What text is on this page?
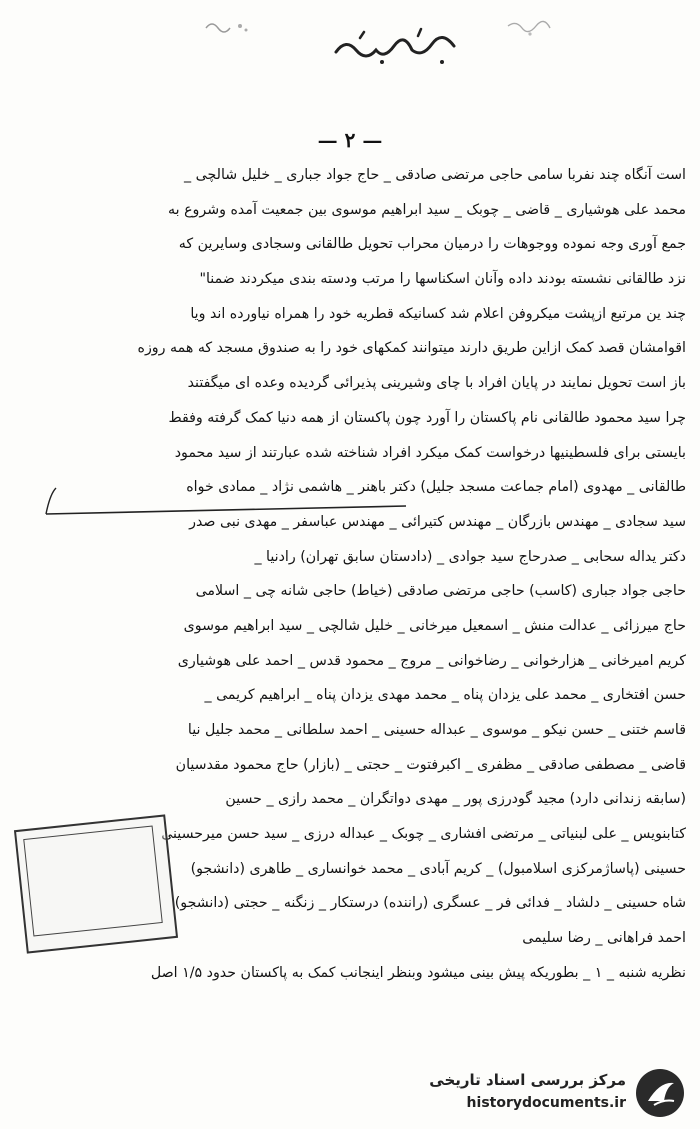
— ۲ —
است آنگاه چند نفربا سامی حاجی مرتضی صادقی _ حاج جواد جباری _ خلیل شالچی _
محمد علی هوشیاری _ قاضی _ چوبک _ سید ابراهیم موسوی بین جمعیت آمده وشروع به
جمع آوری وجه نموده ووجوهات را درمیان محراب تحویل طالقانی وسجادی وسایرین که
نزد طالقانی نشسته بودند داده وآنان اسکناسها را مرتب ودسته بندی میکردند ضمنا"
چند ین مرتبع ازپشت میکروفن اعلام شد کسانیکه قطریه خود را همراه نیاورده اند ویا
اقوامشان قصد کمک ازاین طریق دارند میتوانند کمکهای خود را به صندوق مسجد که همه روزه
باز است تحویل نمایند در پایان افراد با چای وشیرینی پذیرائی گردیده وعده ای میگفتند
چرا سید محمود طالقانی نام پاکستان را آورد چون پاکستان از همه دنیا کمک گرفته وفقط
بایستی برای فلسطینیها درخواست کمک میکرد افراد شناخته شده عبارتند از سید محمود
طالقانی _ مهدوی (امام جماعت مسجد جلیل) دکتر باهنر _ هاشمی نژاد _ ممادی خواه
سید سجادی _ مهندس بازرگان _ مهندس کتیرائی _ مهندس عباسفر _ مهدی نبی صدر
دکتر یداله سحابی _ صدرحاج سید جوادی _ (دادستان سابق تهران) رادنیا _
حاجی جواد جباری (کاسب) حاجی مرتضی صادقی (خیاط) حاجی شانه چی _ اسلامی
حاج میرزائی _ عدالت منش _ اسمعیل میرخانی _ خلیل شالچی _ سید ابراهیم موسوی
کریم امیرخانی _ هزارخوانی _ رضاخوانی _ مروج _ محمود قدس _ احمد علی هوشیاری
حسن افتخاری _ محمد علی یزدان پناه _ محمد مهدی یزدان پناه _ ابراهیم کریمی _
قاسم ختنی _ حسن نیکو _ موسوی _ عبداله حسینی _ احمد سلطانی _ محمد جلیل نیا
قاضی _ مصطفی صادقی _ مظفری _ اکبرفتوت _ حجتی _ (بازار) حاج محمود مقدسیان
(سابقه زندانی دارد) مجید گودرزی پور _ مهدی دواتگران _ محمد رازی _ حسین
کتابنویس _ علی لبنیاتی _ مرتضی افشاری _ چوبک _ عبداله درزی _ سید حسن میرحسینی
حسینی (پاساژمرکزی اسلامبول) _ کریم آبادی _ محمد خوانساری _ طاهری (دانشجو)
شاه حسینی _ دلشاد _ فدائی فر _ عسگری (راننده) درستکار _ زنگنه _ حجتی (دانشجو)
احمد فراهانی _ رضا سلیمی
نظریه شنبه _ ۱ _ بطوریکه پیش بینی میشود وبنظر اینجانب کمک به پاکستان حدود ۱/۵ اصل
مرکز بررسی اسناد تاریخی
historydocuments.ir
